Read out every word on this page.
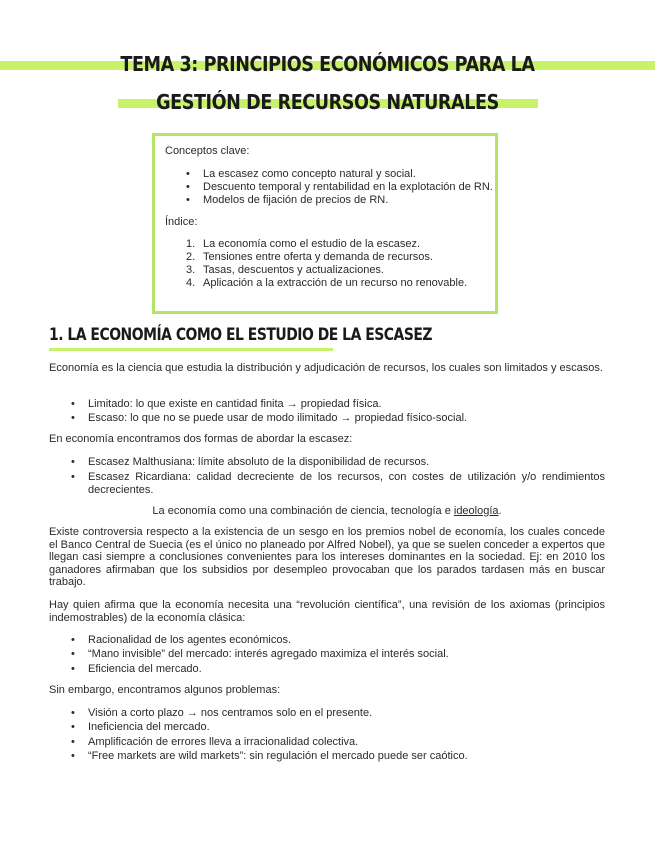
TEMA 3: PRINCIPIOS ECONÓMICOS PARA LA
GESTIÓN DE RECURSOS NATURALES

Conceptos clave:

• La escasez como concepto natural y social.
• Descuento temporal y rentabilidad en la explotación de RN.
• Modelos de fijación de precios de RN.

Índice:

1. La economía como el estudio de la escasez.
2. Tensiones entre oferta y demanda de recursos.
3. Tasas, descuentos y actualizaciones.
4. Aplicación a la extracción de un recurso no renovable.
1. LA ECONOMÍA COMO EL ESTUDIO DE LA ESCASEZ
Economía es la ciencia que estudia la distribución y adjudicación de recursos, los cuales son limitados y escasos.
• Limitado: lo que existe en cantidad finita → propiedad física.
• Escaso: lo que no se puede usar de modo ilimitado → propiedad físico-social.
En economía encontramos dos formas de abordar la escasez:
• Escasez Malthusiana: límite absoluto de la disponibilidad de recursos.
• Escasez Ricardiana: calidad decreciente de los recursos, con costes de utilización y/o rendimientos decrecientes.
La economía como una combinación de ciencia, tecnología e ideología.
Existe controversia respecto a la existencia de un sesgo en los premios nobel de economía, los cuales concede el Banco Central de Suecia (es el único no planeado por Alfred Nobel), ya que se suelen conceder a expertos que llegan casi siempre a conclusiones convenientes para los intereses dominantes en la sociedad. Ej: en 2010 los ganadores afirmaban que los subsidios por desempleo provocaban que los parados tardasen más en buscar trabajo.
Hay quien afirma que la economía necesita una “revolución científica”, una revisión de los axiomas (principios indemostrables) de la economía clásica:
• Racionalidad de los agentes económicos.
• “Mano invisible” del mercado: interés agregado maximiza el interés social.
• Eficiencia del mercado.
Sin embargo, encontramos algunos problemas:
• Visión a corto plazo → nos centramos solo en el presente.
• Ineficiencia del mercado.
• Amplificación de errores lleva a irracionalidad colectiva.
• “Free markets are wild markets”: sin regulación el mercado puede ser caótico.
